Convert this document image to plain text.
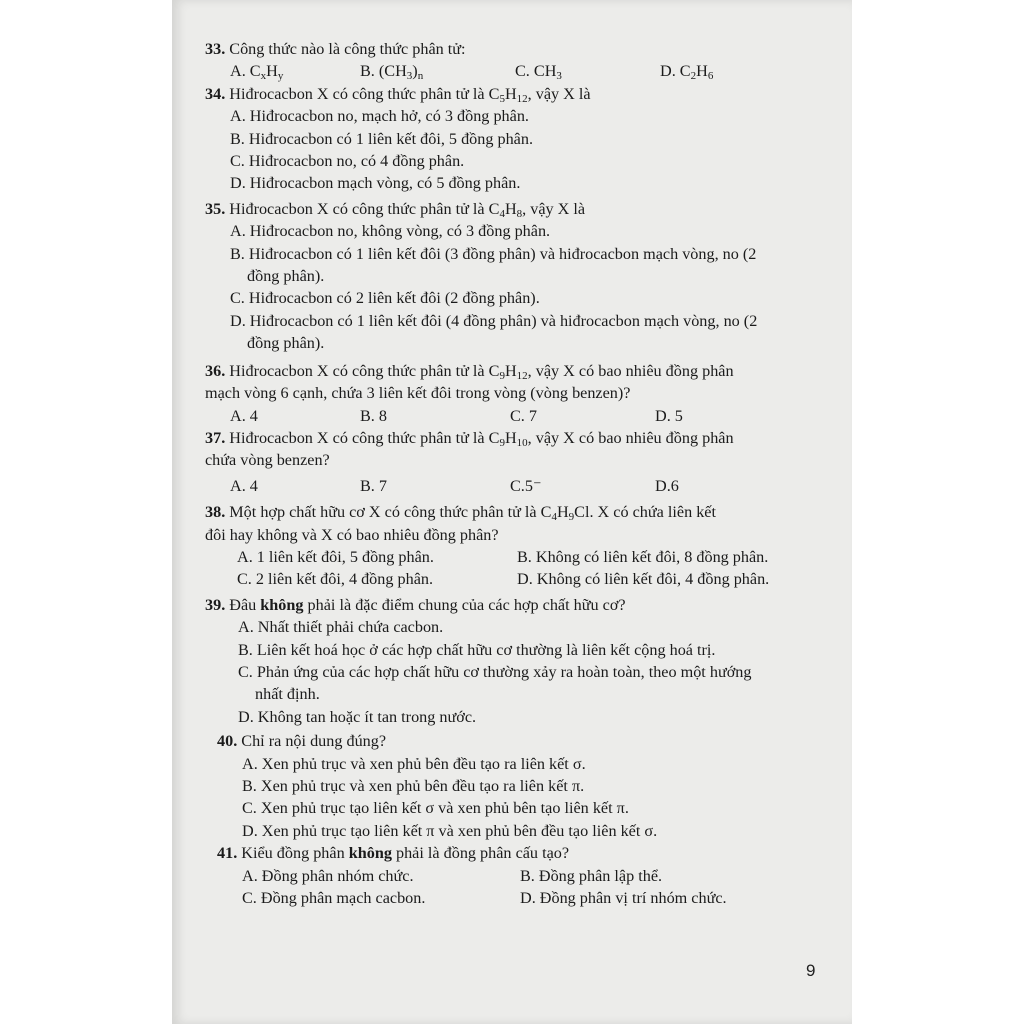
33. Công thức nào là công thức phân tử:
A. $C_xH_y$	B. $(CH_3)_n$	C. $CH_3$	D. $C_2H_6$
34. Hiđrocacbon X có công thức phân tử là $C_5H_{12}$, vậy X là
A. Hiđrocacbon no, mạch hở, có 3 đồng phân.
B. Hiđrocacbon có 1 liên kết đôi, 5 đồng phân.
C. Hiđrocacbon no, có 4 đồng phân.
D. Hiđrocacbon mạch vòng, có 5 đồng phân.
35. Hiđrocacbon X có công thức phân tử là $C_4H_8$, vậy X là
A. Hiđrocacbon no, không vòng, có 3 đồng phân.
B. Hiđrocacbon có 1 liên kết đôi (3 đồng phân) và hiđrocacbon mạch vòng, no (2
đồng phân).
C. Hiđrocacbon có 2 liên kết đôi (2 đồng phân).
D. Hiđrocacbon có 1 liên kết đôi (4 đồng phân) và hiđrocacbon mạch vòng, no (2
đồng phân).
36. Hiđrocacbon X có công thức phân tử là $C_9H_{12}$, vậy X có bao nhiêu đồng phân
mạch vòng 6 cạnh, chứa 3 liên kết đôi trong vòng (vòng benzen)?
A. 4	B. 8	C. 7	D. 5
37. Hiđrocacbon X có công thức phân tử là $C_9H_{10}$, vậy X có bao nhiêu đồng phân
chứa vòng benzen?
A. 4	B. 7	C.5⁻	D.6
38. Một hợp chất hữu cơ X có công thức phân tử là $C_4H_9Cl$. X có chứa liên kết
đôi hay không và X có bao nhiêu đồng phân?
A. 1 liên kết đôi, 5 đồng phân.	B. Không có liên kết đôi, 8 đồng phân.
C. 2 liên kết đôi, 4 đồng phân.	D. Không có liên kết đôi, 4 đồng phân.
39. Đâu không phải là đặc điểm chung của các hợp chất hữu cơ?
A. Nhất thiết phải chứa cacbon.
B. Liên kết hoá học ở các hợp chất hữu cơ thường là liên kết cộng hoá trị.
C. Phản ứng của các hợp chất hữu cơ thường xảy ra hoàn toàn, theo một hướng
nhất định.
D. Không tan hoặc ít tan trong nước.
40. Chỉ ra nội dung đúng?
A. Xen phủ trục và xen phủ bên đều tạo ra liên kết σ.
B. Xen phủ trục và xen phủ bên đều tạo ra liên kết π.
C. Xen phủ trục tạo liên kết σ và xen phủ bên tạo liên kết π.
D. Xen phủ trục tạo liên kết π và xen phủ bên đều tạo liên kết σ.
41. Kiểu đồng phân không phải là đồng phân cấu tạo?
A. Đồng phân nhóm chức.	B. Đồng phân lập thể.
C. Đồng phân mạch cacbon.	D. Đồng phân vị trí nhóm chức.
9
